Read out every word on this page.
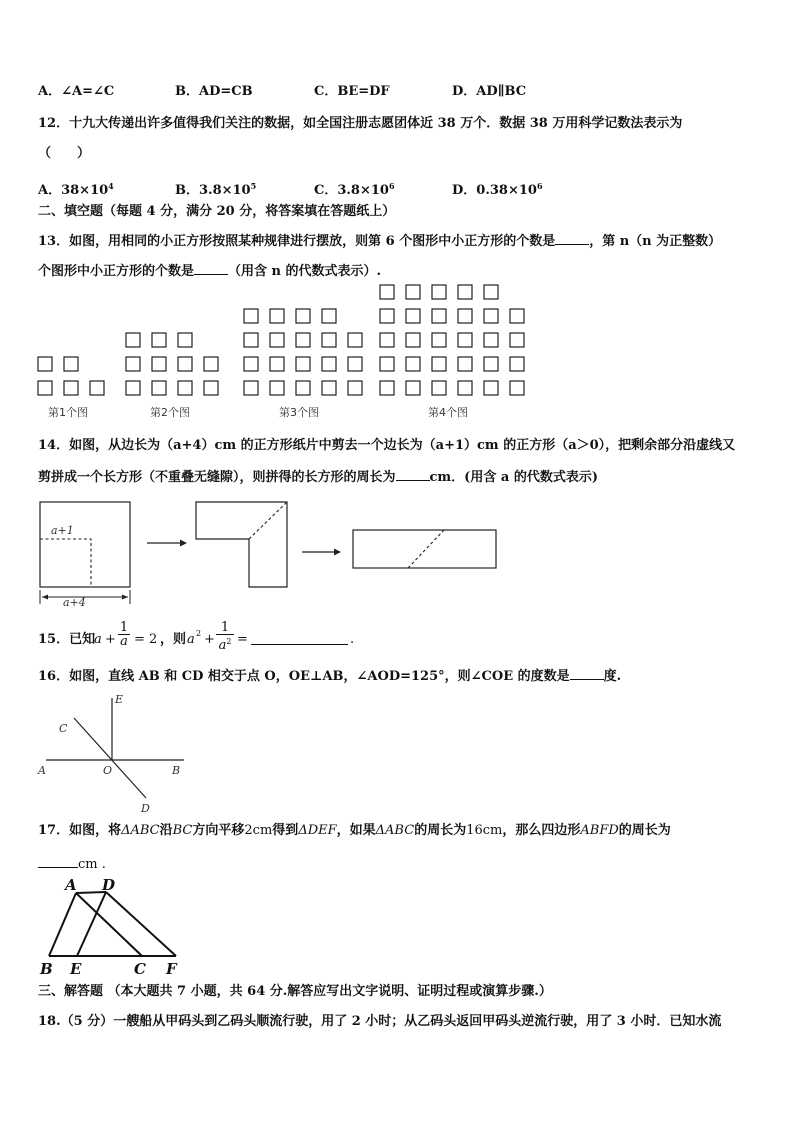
A．∠A=∠C	B．AD=CB	C．BE=DF	D．AD∥BC
12．十九大传递出许多值得我们关注的数据，如全国注册志愿团体近 38 万个．数据 38 万用科学记数法表示为
（　　）
A．$38\times 10^4$	B．$3.8\times 10^5$	C．$3.8\times 10^6$	D．$0.38\times 10^6$
二、填空题（每题 4 分，满分 20 分，将答案填在答题纸上）
13．如图，用相同的小正方形按照某种规律进行摆放，则第 6 个图形中小正方形的个数是	，第 n（n 为正整数）
个图形中小正方形的个数是	（用含 n 的代数式表示）.
第1个图	第2个图	第3个图	第4个图
14．如图，从边长为（a+4）cm 的正方形纸片中剪去一个边长为（a+1）cm 的正方形（a＞0），把剩余部分沿虚线又
剪拼成一个长方形（不重叠无缝隙），则拼得的长方形的周长为	cm．(用含 a 的代数式表示)
a+1
a+4
15．已知
$a + \frac{1}{a} = 2$ ，则 a $2 + \frac{1}{a^2}$ =	.
16．如图，直线 AB 和 CD 相交于点 O，OE⊥AB，∠AOD=125°，则∠COE 的度数是	度.
E
C
A	O	B
D
17．如图，将ΔABC沿BC方向平移2cm得到ΔDEF，如果ΔABC的周长为16cm，那么四边形ABFD的周长为
cm .
A D
B E	C F
三、解答题 （本大题共 7 小题，共 64 分.解答应写出文字说明、证明过程或演算步骤.）
18.（5 分）一艘船从甲码头到乙码头顺流行驶，用了 2 小时；从乙码头返回甲码头逆流行驶，用了 3 小时．已知水流
